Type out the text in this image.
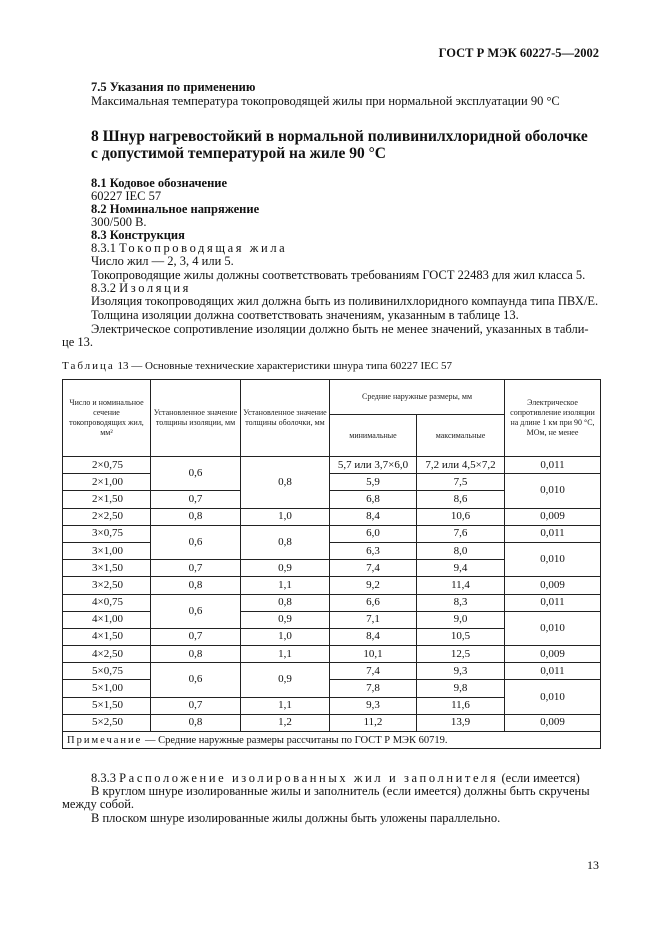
ГОСТ Р МЭК 60227-5—2002
7.5 Указания по применению
Максимальная температура токопроводящей жилы при нормальной эксплуатации 90 °С
8 Шнур нагревостойкий в нормальной поливинилхлоридной оболочке
с допустимой температурой на жиле 90 °С
8.1 Кодовое обозначение
60227 IEC 57
8.2 Номинальное напряжение
300/500 В.
8.3 Конструкция
8.3.1 Токопроводящая жила
Число жил — 2, 3, 4 или 5.
Токопроводящие жилы должны соответствовать требованиям ГОСТ 22483 для жил класса 5.
8.3.2 Изоляция
Изоляция токопроводящих жил должна быть из поливинилхлоридного компаунда типа ПВХ/Е.
Толщина изоляции должна соответствовать значениям, указанным в таблице 13.
Электрическое сопротивление изоляции должно быть не менее значений, указанных в табли-
це 13.
Таблица 13 — Основные технические характеристики шнура типа 60227 IEC 57
Число и номинальное сечение токопроводящих жил, мм²	Установленное значение толщины изоляции, мм	Установленное значение толщины оболочки, мм	Средние наружные размеры, мм		Электрическое сопротивление изоляции на длине 1 км при 90 °С, МОм, не менее
			минимальные	максимальные	
2×0,75	0,6	0,8	5,7 или 3,7×6,0	7,2 или 4,5×7,2	0,011
2×1,00			5,9	7,5	0,010
2×1,50	0,7		6,8	8,6	
2×2,50	0,8	1,0	8,4	10,6	0,009
3×0,75	0,6	0,8	6,0	7,6	0,011
3×1,00			6,3	8,0	0,010
3×1,50	0,7	0,9	7,4	9,4	
3×2,50	0,8	1,1	9,2	11,4	0,009
4×0,75	0,6	0,8	6,6	8,3	0,011
4×1,00		0,9	7,1	9,0	0,010
4×1,50	0,7	1,0	8,4	10,5	
4×2,50	0,8	1,1	10,1	12,5	0,009
5×0,75	0,6	0,9	7,4	9,3	0,011
5×1,00			7,8	9,8	0,010
5×1,50	0,7	1,1	9,3	11,6	
5×2,50	0,8	1,2	11,2	13,9	0,009
Примечание — Средние наружные размеры рассчитаны по ГОСТ Р МЭК 60719.					
8.3.3 Расположение изолированных жил и заполнителя (если имеется)
В круглом шнуре изолированные жилы и заполнитель (если имеется) должны быть скручены
между собой.
В плоском шнуре изолированные жилы должны быть уложены параллельно.
13
